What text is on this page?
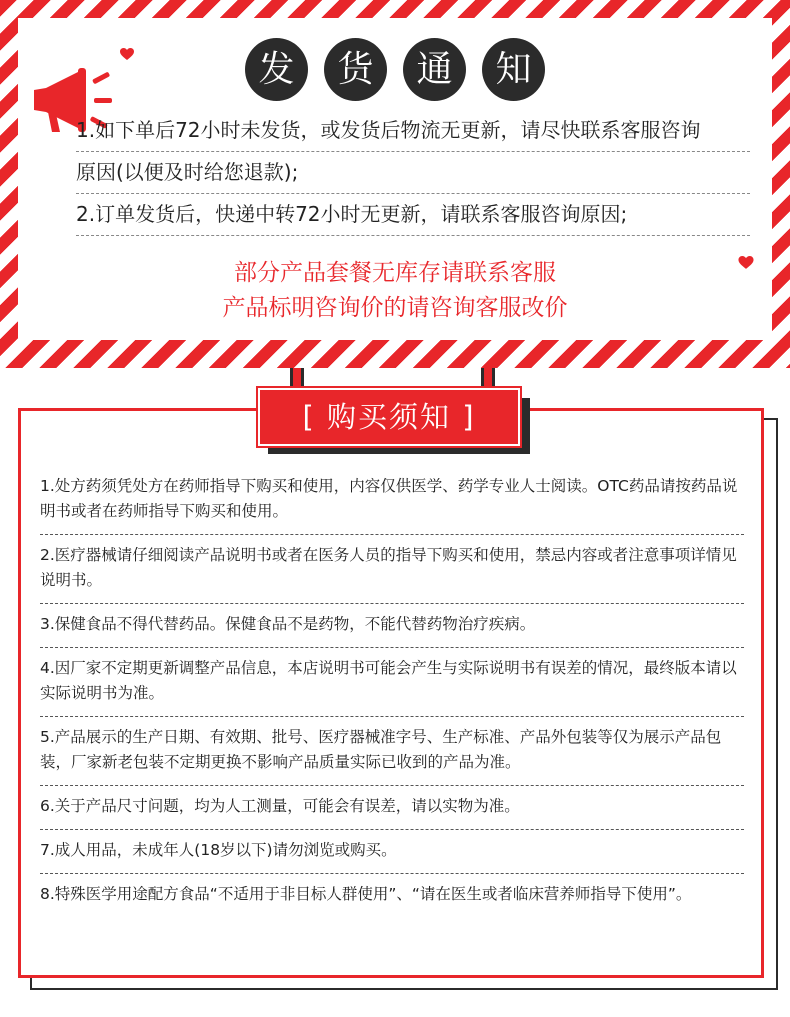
发	货	通	知
1.如下单后72小时未发货，或发货后物流无更新，请尽快联系客服咨询
原因(以便及时给您退款);
2.订单发货后，快递中转72小时无更新，请联系客服咨询原因;
部分产品套餐无库存请联系客服
产品标明咨询价的请咨询客服改价
[ 购买须知 ]
1.处方药须凭处方在药师指导下购买和使用，内容仅供医学、药学专业人士阅读。OTC药品请按药品说明书或者在药师指导下购买和使用。
2.医疗器械请仔细阅读产品说明书或者在医务人员的指导下购买和使用，禁忌内容或者注意事项详情见说明书。
3.保健食品不得代替药品。保健食品不是药物，不能代替药物治疗疾病。
4.因厂家不定期更新调整产品信息，本店说明书可能会产生与实际说明书有误差的情况，最终版本请以实际说明书为准。
5.产品展示的生产日期、有效期、批号、医疗器械准字号、生产标准、产品外包装等仅为展示产品包装，厂家新老包装不定期更换不影响产品质量实际已收到的产品为准。
6.关于产品尺寸问题，均为人工测量，可能会有误差，请以实物为准。
7.成人用品，未成年人(18岁以下)请勿浏览或购买。
8.特殊医学用途配方食品“不适用于非目标人群使用”、“请在医生或者临床营养师指导下使用”。
